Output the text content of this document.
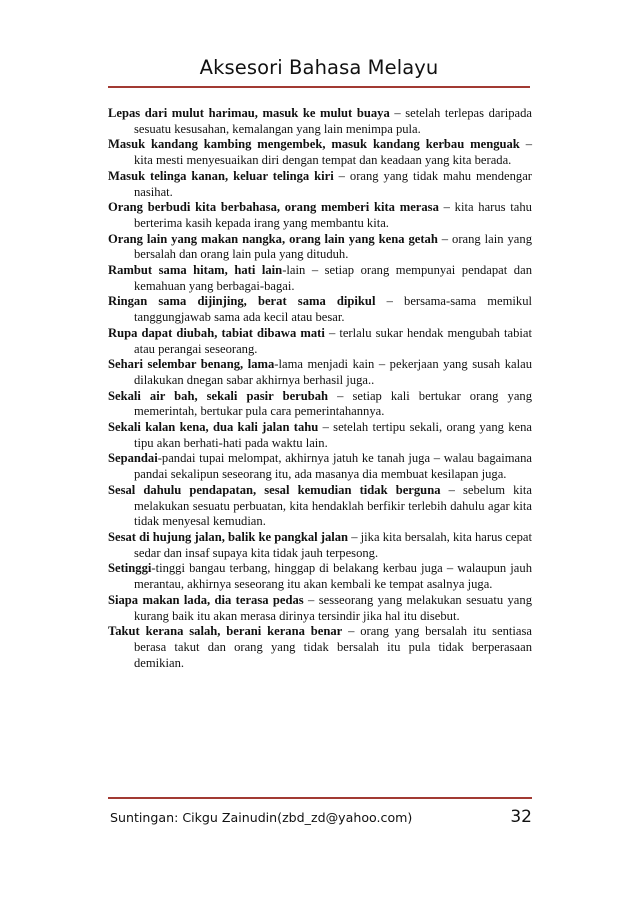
Aksesori Bahasa Melayu

Lepas dari mulut harimau, masuk ke mulut buaya – setelah terlepas daripada sesuatu kesusahan, kemalangan yang lain menimpa pula.

Masuk kandang kambing mengembek, masuk kandang kerbau menguak – kita mesti menyesuaikan diri dengan tempat dan keadaan yang kita berada.

Masuk telinga kanan, keluar telinga kiri – orang yang tidak mahu mendengar nasihat.

Orang berbudi kita berbahasa, orang memberi kita merasa – kita harus tahu berterima kasih kepada irang yang membantu kita.

Orang lain yang makan nangka, orang lain yang kena getah – orang lain yang bersalah dan orang lain pula yang dituduh.

Rambut sama hitam, hati lain-lain – setiap orang mempunyai pendapat dan kemahuan yang berbagai-bagai.

Ringan sama dijinjing, berat sama dipikul – bersama-sama memikul tanggungjawab sama ada kecil atau besar.

Rupa dapat diubah, tabiat dibawa mati – terlalu sukar hendak mengubah tabiat atau perangai seseorang.

Sehari selembar benang, lama-lama menjadi kain – pekerjaan yang susah kalau dilakukan dnegan sabar akhirnya berhasil juga..

Sekali air bah, sekali pasir berubah – setiap kali bertukar orang yang memerintah, bertukar pula cara pemerintahannya.

Sekali kalan kena, dua kali jalan tahu – setelah tertipu sekali, orang yang kena tipu akan berhati-hati pada waktu lain.

Sepandai-pandai tupai melompat, akhirnya jatuh ke tanah juga – walau bagaimana pandai sekalipun seseorang itu, ada masanya dia membuat kesilapan juga.

Sesal dahulu pendapatan, sesal kemudian tidak berguna – sebelum kita melakukan sesuatu perbuatan, kita hendaklah berfikir terlebih dahulu agar kita tidak menyesal kemudian.

Sesat di hujung jalan, balik ke pangkal jalan – jika kita bersalah, kita harus cepat sedar dan insaf supaya kita tidak jauh terpesong.

Setinggi-tinggi bangau terbang, hinggap di belakang kerbau juga – walaupun jauh merantau, akhirnya seseorang itu akan kembali ke tempat asalnya juga.

Siapa makan lada, dia terasa pedas – sesseorang yang melakukan sesuatu yang kurang baik itu akan merasa dirinya tersindir jika hal itu disebut.

Takut kerana salah, berani kerana benar – orang yang bersalah itu sentiasa berasa takut dan orang yang tidak bersalah itu pula tidak berperasaan demikian.

Suntingan: Cikgu Zainudin(zbd_zd@yahoo.com)	32
